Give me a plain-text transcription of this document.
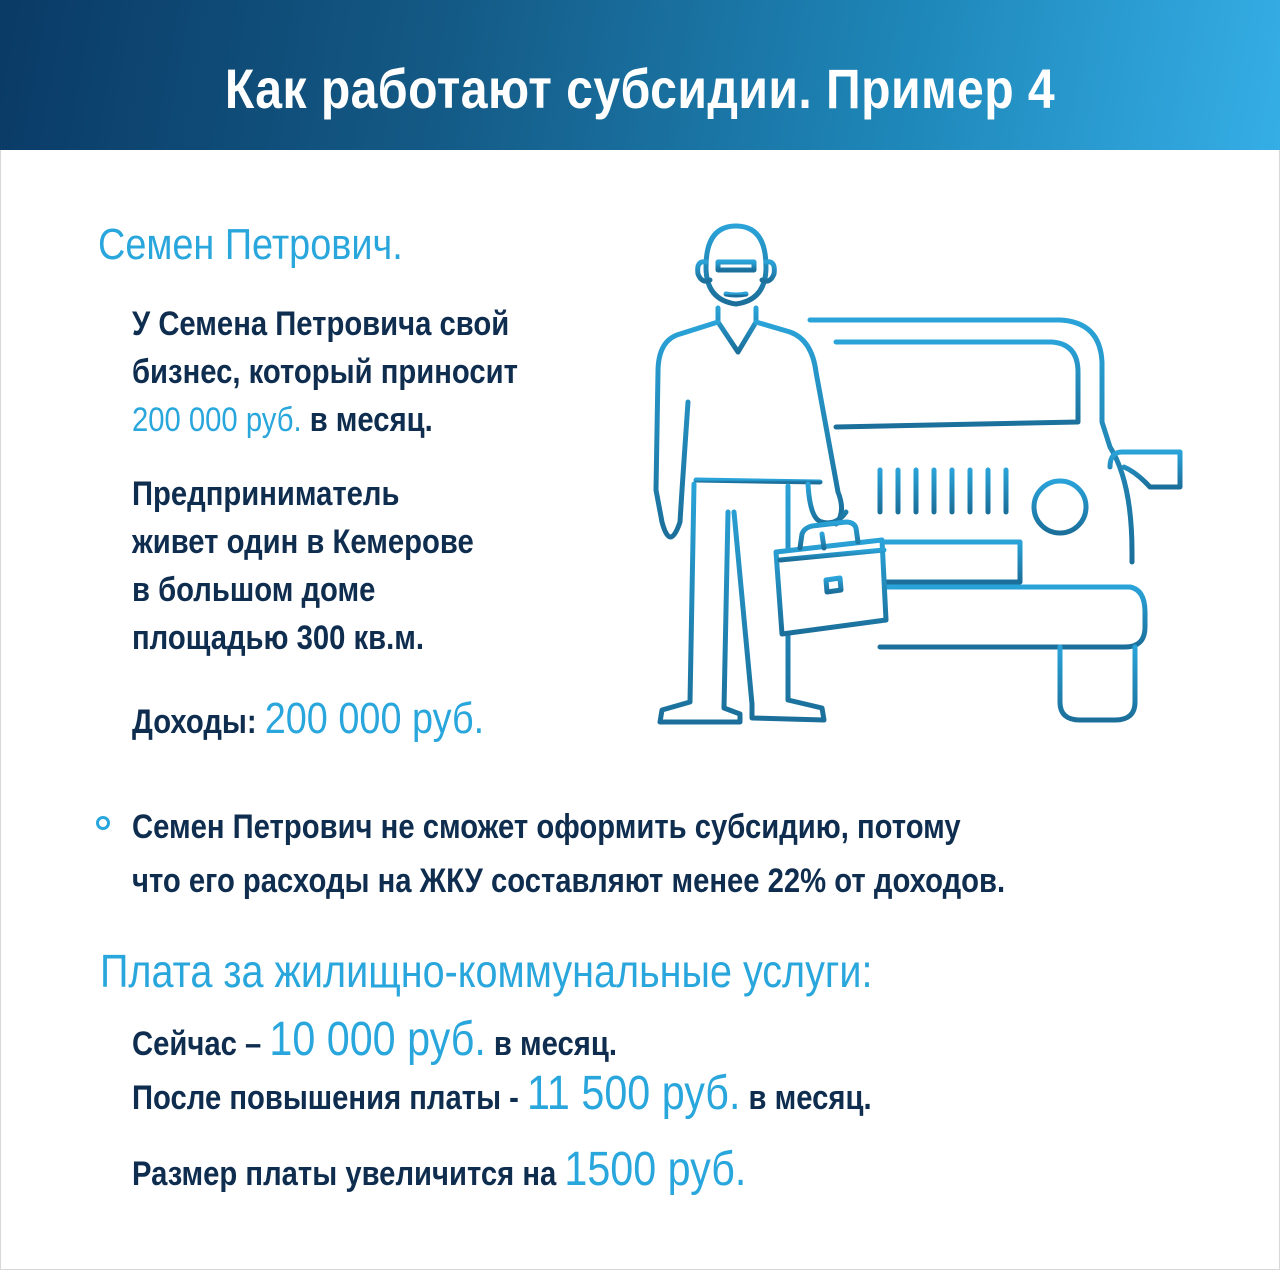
Как работают субсидии. Пример 4
Семен Петрович.
У Семена Петровича свой
бизнес, который приносит
200 000 руб. в месяц.
Предприниматель
живет один в Кемерове
в большом доме
площадью 300 кв.м.
Доходы: 200 000 руб.
Семен Петрович не сможет оформить субсидию, потому
что его расходы на ЖКУ составляют менее 22% от доходов.
Плата за жилищно-коммунальные услуги:
Сейчас – 10 000 руб. в месяц.
После повышения платы - 11 500 руб. в месяц.
Размер платы увеличится на 1500 руб.
